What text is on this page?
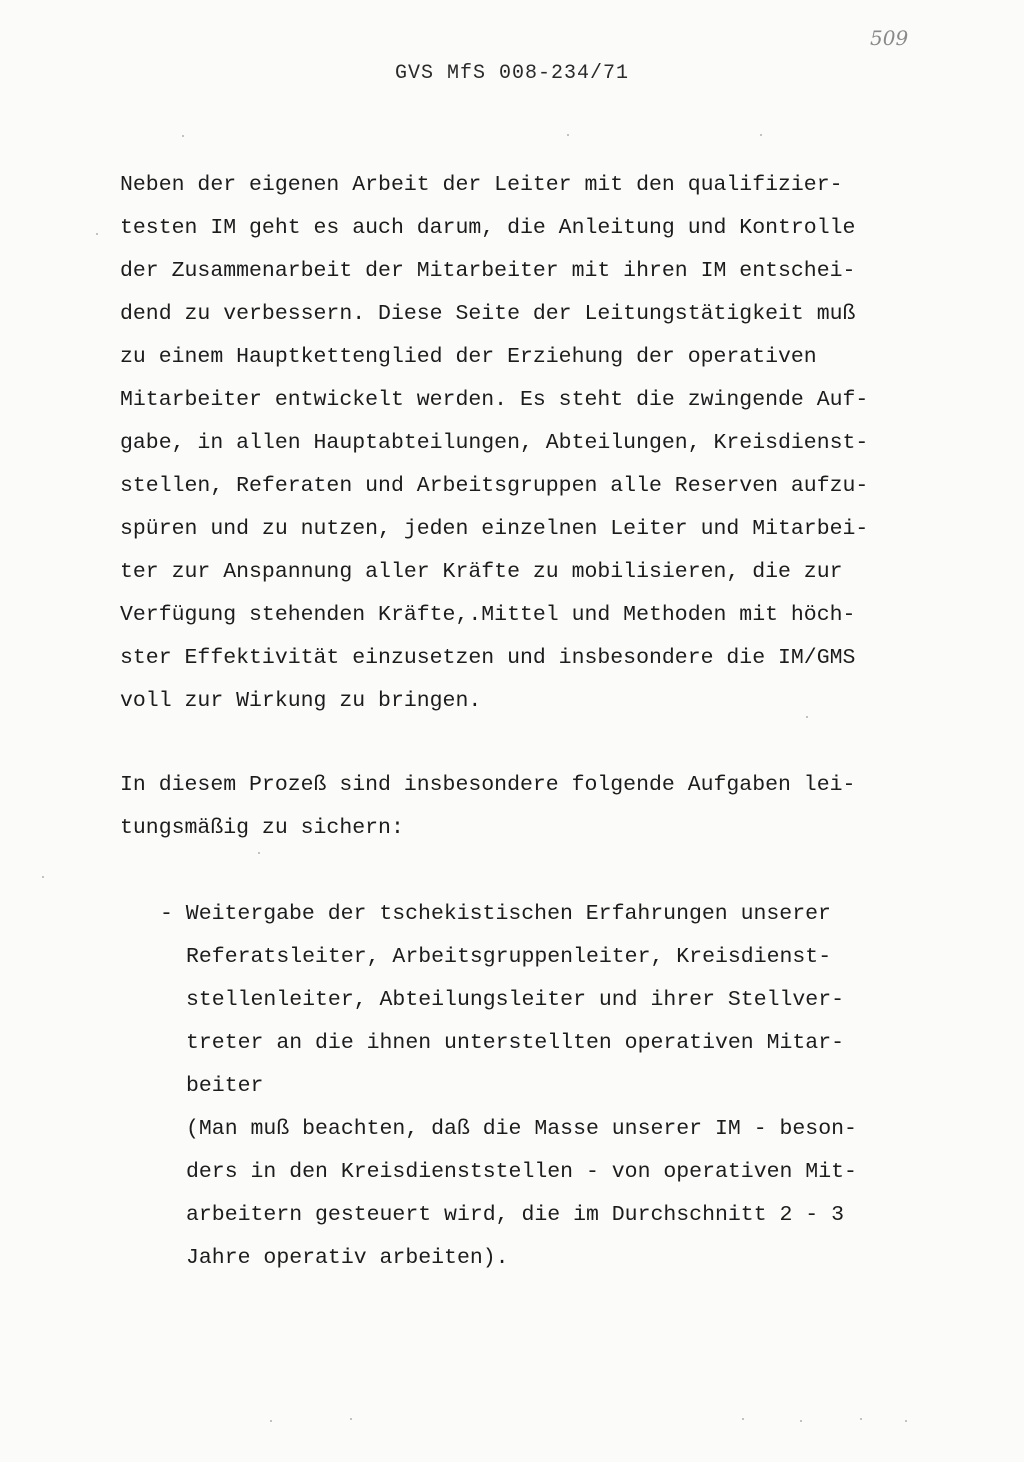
509
GVS MfS 008-234/71
Neben der eigenen Arbeit der Leiter mit den qualifizier-
testen IM geht es auch darum, die Anleitung und Kontrolle
der Zusammenarbeit der Mitarbeiter mit ihren IM entschei-
dend zu verbessern. Diese Seite der Leitungstätigkeit muß
zu einem Hauptkettenglied der Erziehung der operativen
Mitarbeiter entwickelt werden. Es steht die zwingende Auf-
gabe, in allen Hauptabteilungen, Abteilungen, Kreisdienst-
stellen, Referaten und Arbeitsgruppen alle Reserven aufzu-
spüren und zu nutzen, jeden einzelnen Leiter und Mitarbei-
ter zur Anspannung aller Kräfte zu mobilisieren, die zur
Verfügung stehenden Kräfte,.Mittel und Methoden mit höch-
ster Effektivität einzusetzen und insbesondere die IM/GMS
voll zur Wirkung zu bringen.
In diesem Prozeß sind insbesondere folgende Aufgaben lei-
tungsmäßig zu sichern:
- Weitergabe der tschekistischen Erfahrungen unserer
Referatsleiter, Arbeitsgruppenleiter, Kreisdienst-
stellenleiter, Abteilungsleiter und ihrer Stellver-
treter an die ihnen unterstellten operativen Mitar-
beiter
(Man muß beachten, daß die Masse unserer IM - beson-
ders in den Kreisdienststellen - von operativen Mit-
arbeitern gesteuert wird, die im Durchschnitt 2 - 3
Jahre operativ arbeiten).
